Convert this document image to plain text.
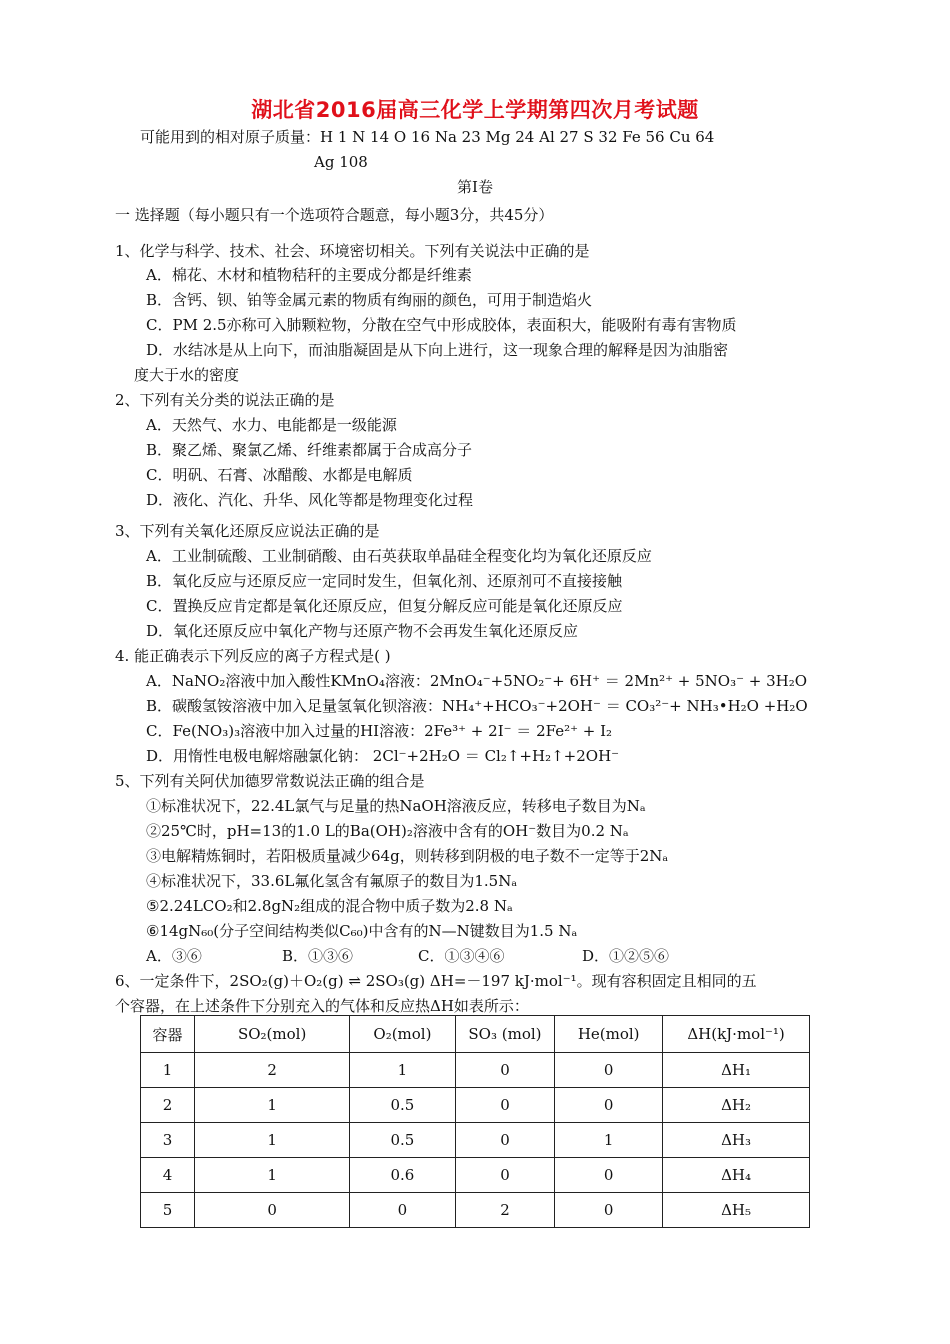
湖北省2016届高三化学上学期第四次月考试题
可能用到的相对原子质量：H 1 N 14 O 16 Na 23 Mg 24 Al 27 S 32 Fe 56 Cu 64
Ag 108
第Ⅰ卷
一 选择题（每小题只有一个选项符合题意，每小题3分，共45分）
1、化学与科学、技术、社会、环境密切相关。下列有关说法中正确的是
A．棉花、木材和植物秸秆的主要成分都是纤维素
B．含钙、钡、铂等金属元素的物质有绚丽的颜色，可用于制造焰火
C．PM 2.5亦称可入肺颗粒物，分散在空气中形成胶体，表面积大，能吸附有毒有害物质
D．水结冰是从上向下，而油脂凝固是从下向上进行，这一现象合理的解释是因为油脂密
度大于水的密度
2、下列有关分类的说法正确的是
A．天然气、水力、电能都是一级能源
B．聚乙烯、聚氯乙烯、纤维素都属于合成高分子
C．明矾、石膏、冰醋酸、水都是电解质
D．液化、汽化、升华、风化等都是物理变化过程
3、下列有关氧化还原反应说法正确的是
A．工业制硫酸、工业制硝酸、由石英获取单晶硅全程变化均为氧化还原反应
B．氧化反应与还原反应一定同时发生，但氧化剂、还原剂可不直接接触
C．置换反应肯定都是氧化还原反应，但复分解反应可能是氧化还原反应
D．氧化还原反应中氧化产物与还原产物不会再发生氧化还原反应
4. 能正确表示下列反应的离子方程式是( )
A．NaNO₂溶液中加入酸性KMnO₄溶液：2MnO₄⁻+5NO₂⁻+ 6H⁺ ＝ 2Mn²⁺ + 5NO₃⁻ + 3H₂O
B．碳酸氢铵溶液中加入足量氢氧化钡溶液：NH₄⁺+HCO₃⁻+2OH⁻ ＝ CO₃²⁻+ NH₃•H₂O +H₂O
C．Fe(NO₃)₃溶液中加入过量的HI溶液：2Fe³⁺ + 2I⁻ ＝ 2Fe²⁺ + I₂
D．用惰性电极电解熔融氯化钠： 2Cl⁻+2H₂O ＝ Cl₂↑+H₂↑+2OH⁻
5、下列有关阿伏加德罗常数说法正确的组合是
①标准状况下，22.4L氯气与足量的热NaOH溶液反应，转移电子数目为Nₐ
②25℃时，pH=13的1.0 L的Ba(OH)₂溶液中含有的OH⁻数目为0.2 Nₐ
③电解精炼铜时，若阳极质量减少64g，则转移到阴极的电子数不一定等于2Nₐ
④标准状况下，33.6L氟化氢含有氟原子的数目为1.5Nₐ
⑤2.24LCO₂和2.8gN₂组成的混合物中质子数为2.8 Nₐ
⑥14gN₆₀(分子空间结构类似C₆₀)中含有的N—N键数目为1.5 Nₐ
A．③⑥	B．①③⑥	C．①③④⑥	D．①②⑤⑥
6、一定条件下，2SO₂(g)＋O₂(g) ⇌ 2SO₃(g) ΔH=－197 kJ·mol⁻¹。现有容积固定且相同的五
个容器，在上述条件下分别充入的气体和反应热ΔH如表所示：
容器	SO₂(mol)	O₂(mol)	SO₃ (mol)	He(mol)	ΔH(kJ·mol⁻¹)
1	2	1	0	0	ΔH₁
2	1	0.5	0	0	ΔH₂
3	1	0.5	0	1	ΔH₃
4	1	0.6	0	0	ΔH₄
5	0	0	2	0	ΔH₅
